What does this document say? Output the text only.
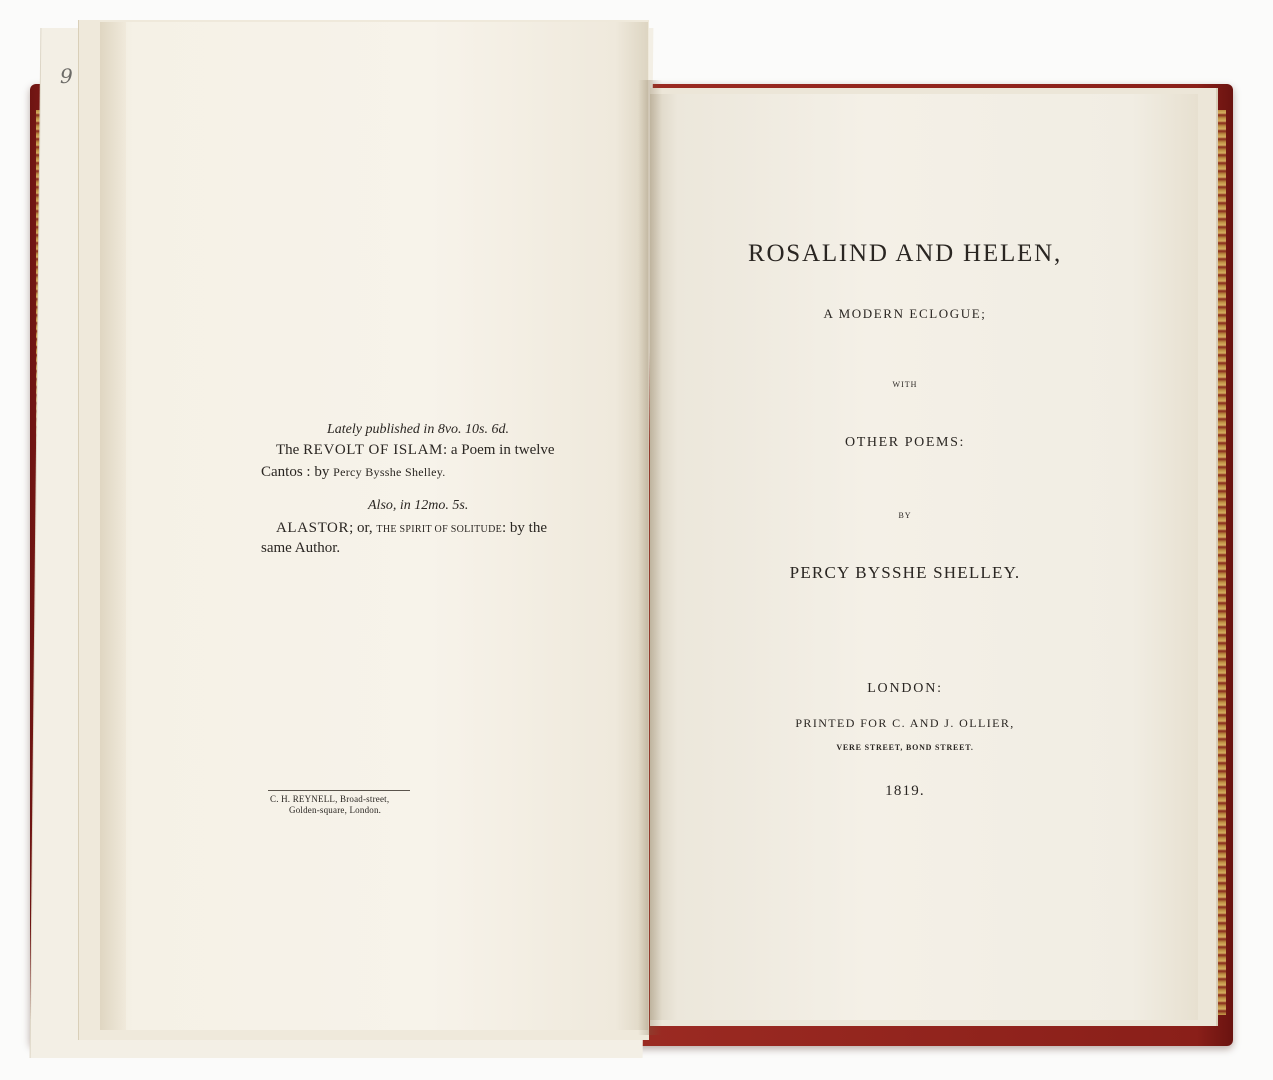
9
Lately published in 8vo. 10s. 6d.
The REVOLT OF ISLAM: a Poem in twelve
Cantos : by Percy Bysshe Shelley.
Also, in 12mo. 5s.
ALASTOR; or, THE SPIRIT OF SOLITUDE: by the
same Author.
C. H. REYNELL, Broad-street,
Golden-square, London.
ROSALIND AND HELEN,
A MODERN ECLOGUE;
WITH
OTHER POEMS:
BY
PERCY BYSSHE SHELLEY.
LONDON:
PRINTED FOR C. AND J. OLLIER,
VERE STREET, BOND STREET.
1819.
